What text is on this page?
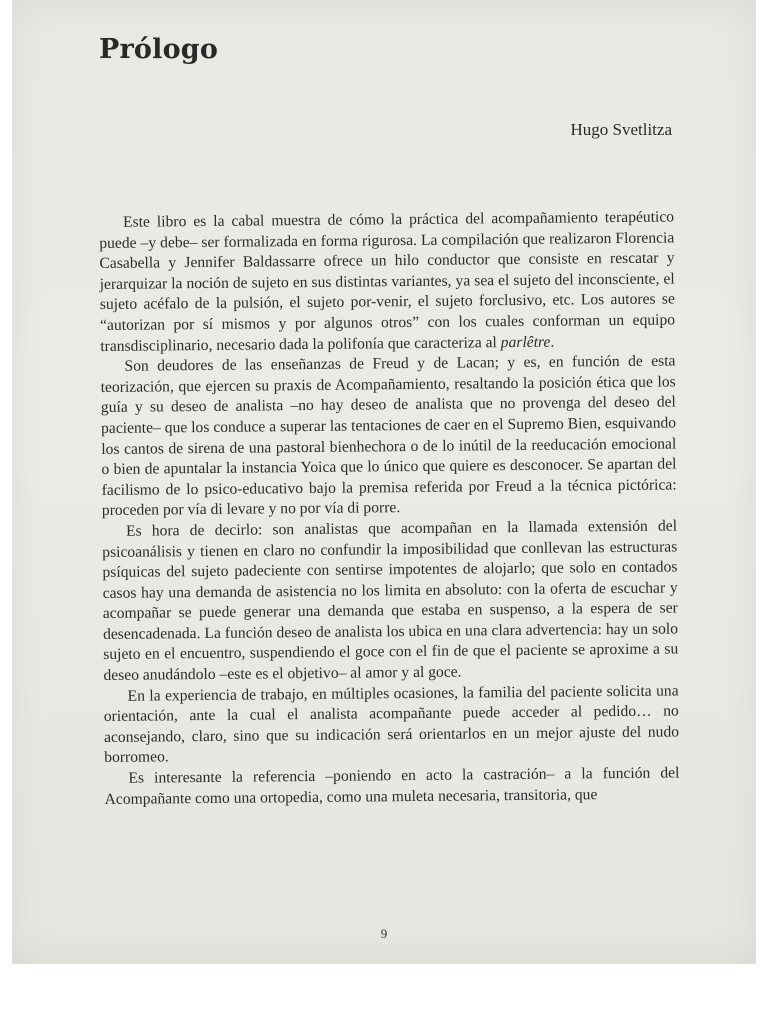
Prólogo
Hugo Svetlitza

Este libro es la cabal muestra de cómo la práctica del acompañamiento terapéutico puede –y debe– ser formalizada en forma rigurosa. La compilación que realizaron Florencia Casabella y Jennifer Baldassarre ofrece un hilo conductor que consiste en rescatar y jerarquizar la noción de sujeto en sus distintas variantes, ya sea el sujeto del inconsciente, el sujeto acéfalo de la pulsión, el sujeto por-venir, el sujeto forclusivo, etc. Los autores se “autorizan por sí mismos y por algunos otros” con los cuales conforman un equipo transdisciplinario, necesario dada la polifonía que caracteriza al parlêtre.

Son deudores de las enseñanzas de Freud y de Lacan; y es, en función de esta teorización, que ejercen su praxis de Acompañamiento, resaltando la posición ética que los guía y su deseo de analista –no hay deseo de analista que no provenga del deseo del paciente– que los conduce a superar las tentaciones de caer en el Supremo Bien, esquivando los cantos de sirena de una pastoral bienhechora o de lo inútil de la reeducación emocional o bien de apuntalar la instancia Yoica que lo único que quiere es desconocer. Se apartan del facilismo de lo psico-educativo bajo la premisa referida por Freud a la técnica pictórica: proceden por vía di levare y no por vía di porre.

Es hora de decirlo: son analistas que acompañan en la llamada extensión del psicoanálisis y tienen en claro no confundir la imposibilidad que conllevan las estructuras psíquicas del sujeto padeciente con sentirse impotentes de alojarlo; que solo en contados casos hay una demanda de asistencia no los limita en absoluto: con la oferta de escuchar y acompañar se puede generar una demanda que estaba en suspenso, a la espera de ser desencadenada. La función deseo de analista los ubica en una clara advertencia: hay un solo sujeto en el encuentro, suspendiendo el goce con el fin de que el paciente se aproxime a su deseo anudándolo –este es el objetivo– al amor y al goce.

En la experiencia de trabajo, en múltiples ocasiones, la familia del paciente solicita una orientación, ante la cual el analista acompañante puede acceder al pedido… no aconsejando, claro, sino que su indicación será orientarlos en un mejor ajuste del nudo borromeo.

Es interesante la referencia –poniendo en acto la castración– a la función del Acompañante como una ortopedia, como una muleta necesaria, transitoria, que

9
